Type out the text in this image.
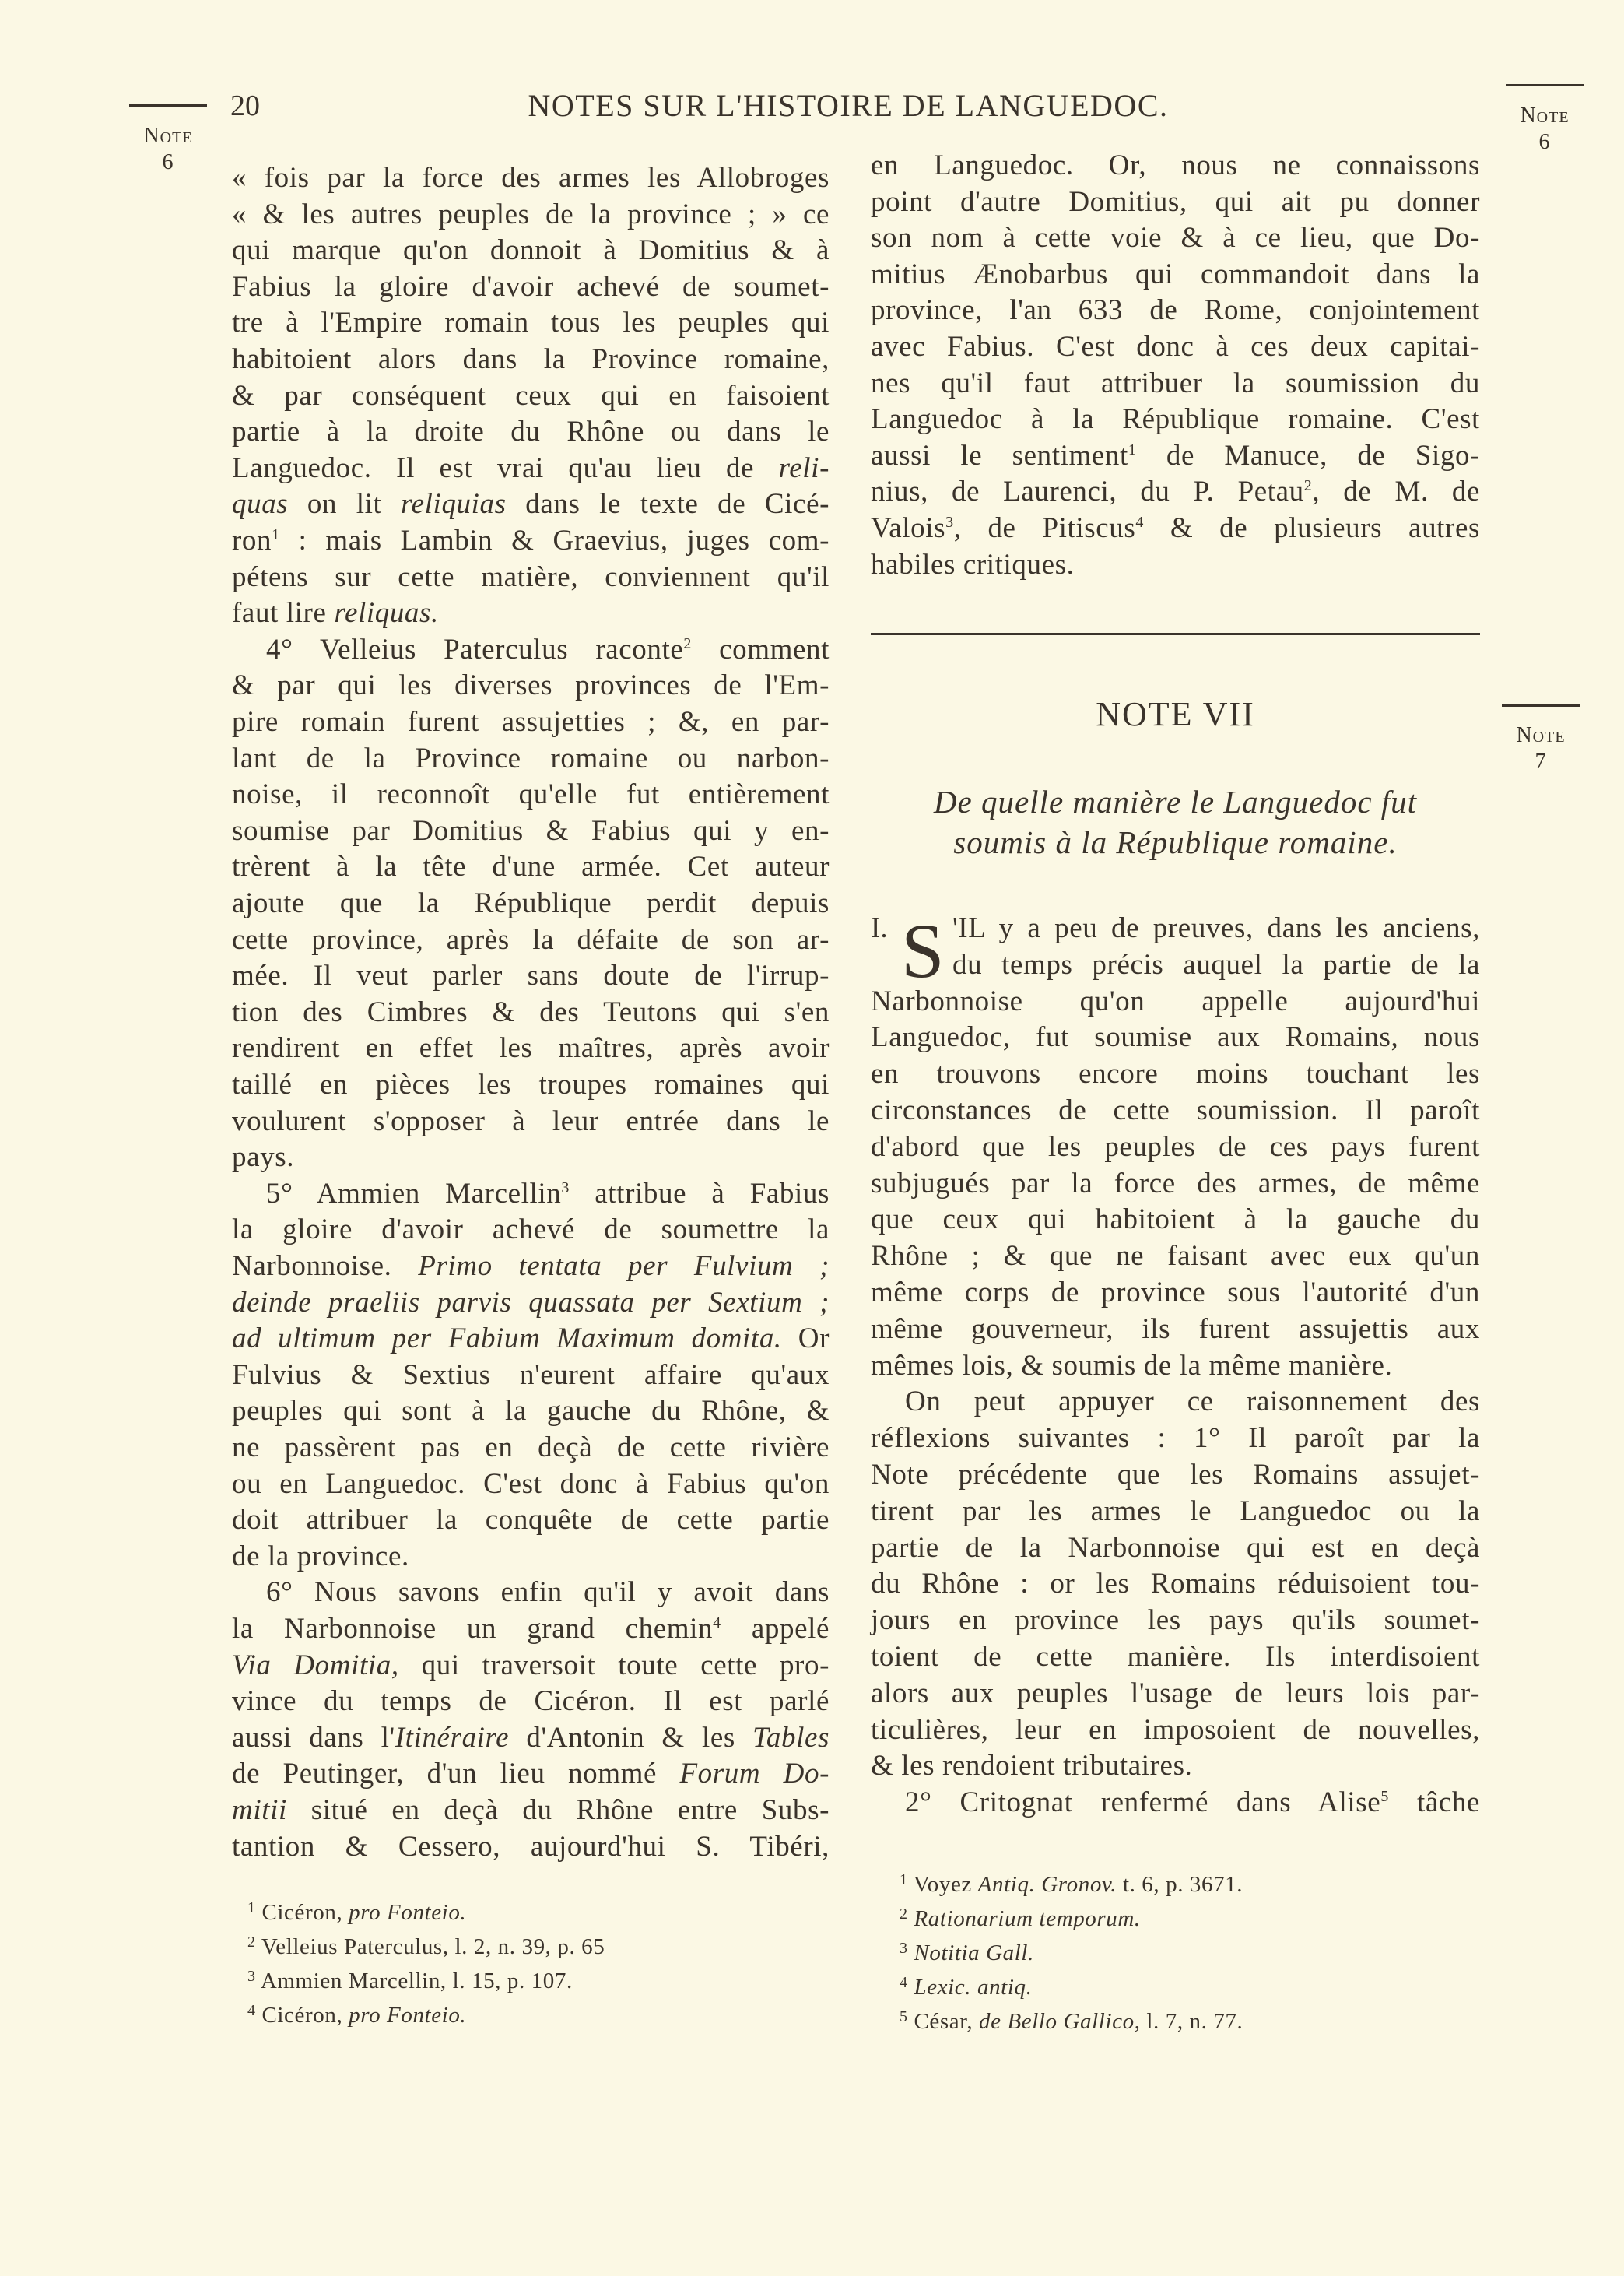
20	NOTES SUR L'HISTOIRE DE LANGUEDOC.
Note
6
Note
6
Note
7
« fois par la force des armes les Allobroges
« & les autres peuples de la province ; » ce
qui marque qu'on donnoit à Domitius & à
Fabius la gloire d'avoir achevé de soumet-
tre à l'Empire romain tous les peuples qui
habitoient alors dans la Province romaine,
& par conséquent ceux qui en faisoient
partie à la droite du Rhône ou dans le
Languedoc. Il est vrai qu'au lieu de reli-
quas on lit reliquias dans le texte de Cicé-
ron$^1$ : mais Lambin & Graevius, juges com-
pétens sur cette matière, conviennent qu'il
faut lire reliquas.
4° Velleius Paterculus raconte$^2$ comment
& par qui les diverses provinces de l'Em-
pire romain furent assujetties ; &, en par-
lant de la Province romaine ou narbon-
noise, il reconnoît qu'elle fut entièrement
soumise par Domitius & Fabius qui y en-
trèrent à la tête d'une armée. Cet auteur
ajoute que la République perdit depuis
cette province, après la défaite de son ar-
mée. Il veut parler sans doute de l'irrup-
tion des Cimbres & des Teutons qui s'en
rendirent en effet les maîtres, après avoir
taillé en pièces les troupes romaines qui
voulurent s'opposer à leur entrée dans le
pays.
5° Ammien Marcellin$^3$ attribue à Fabius
la gloire d'avoir achevé de soumettre la
Narbonnoise. Primo tentata per Fulvium ;
deinde praeliis parvis quassata per Sextium ;
ad ultimum per Fabium Maximum domita. Or
Fulvius & Sextius n'eurent affaire qu'aux
peuples qui sont à la gauche du Rhône, &
ne passèrent pas en deçà de cette rivière
ou en Languedoc. C'est donc à Fabius qu'on
doit attribuer la conquête de cette partie
de la province.
6° Nous savons enfin qu'il y avoit dans
la Narbonnoise un grand chemin$^4$ appelé
Via Domitia, qui traversoit toute cette pro-
vince du temps de Cicéron. Il est parlé
aussi dans l'Itinéraire d'Antonin & les Tables
de Peutinger, d'un lieu nommé Forum Do-
mitii situé en deçà du Rhône entre Subs-
tantion & Cessero, aujourd'hui S. Tibéri,
en Languedoc. Or, nous ne connaissons
point d'autre Domitius, qui ait pu donner
son nom à cette voie & à ce lieu, que Do-
mitius Ænobarbus qui commandoit dans la
province, l'an 633 de Rome, conjointement
avec Fabius. C'est donc à ces deux capitai-
nes qu'il faut attribuer la soumission du
Languedoc à la République romaine. C'est
aussi le sentiment$^1$ de Manuce, de Sigo-
nius, de Laurenci, du P. Petau$^2$, de M. de
Valois$^3$, de Pitiscus$^4$ & de plusieurs autres
habiles critiques.
NOTE VII
De quelle manière le Languedoc fut
soumis à la République romaine.
I. S 'IL y a peu de preuves, dans les anciens,
du temps précis auquel la partie de la
Narbonnoise qu'on appelle aujourd'hui
Languedoc, fut soumise aux Romains, nous
en trouvons encore moins touchant les
circonstances de cette soumission. Il paroît
d'abord que les peuples de ces pays furent
subjugués par la force des armes, de même
que ceux qui habitoient à la gauche du
Rhône ; & que ne faisant avec eux qu'un
même corps de province sous l'autorité d'un
même gouverneur, ils furent assujettis aux
mêmes lois, & soumis de la même manière.
On peut appuyer ce raisonnement des
réflexions suivantes : 1° Il paroît par la
Note précédente que les Romains assujet-
tirent par les armes le Languedoc ou la
partie de la Narbonnoise qui est en deçà
du Rhône : or les Romains réduisoient tou-
jours en province les pays qu'ils soumet-
toient de cette manière. Ils interdisoient
alors aux peuples l'usage de leurs lois par-
ticulières, leur en imposoient de nouvelles,
& les rendoient tributaires.
2° Critognat renfermé dans Alise$^5$ tâche
$^1$ Cicéron, pro Fonteio.
$^2$ Velleius Paterculus, l. 2, n. 39, p. 65
$^3$ Ammien Marcellin, l. 15, p. 107.
$^4$ Cicéron, pro Fonteio.
$^1$ Voyez Antiq. Gronov. t. 6, p. 3671.
$^2$ Rationarium temporum.
$^3$ Notitia Gall.
$^4$ Lexic. antiq.
$^5$ César, de Bello Gallico, l. 7, n. 77.
